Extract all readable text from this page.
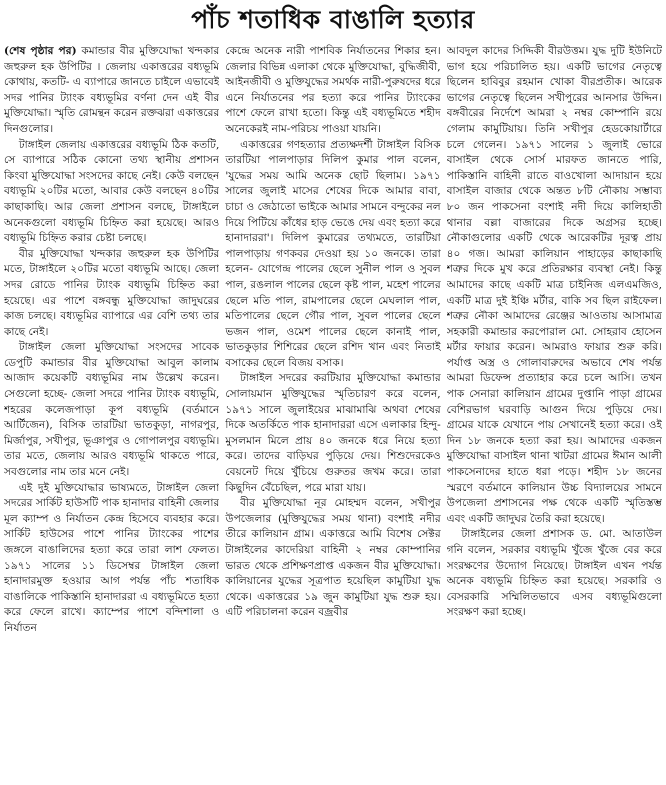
পাঁচ শতাধিক বাঙালি হত্যার

(শেষ পৃষ্ঠার পর) কমান্ডার বীর মুক্তিযোদ্ধা খন্দকার জহুরুল হক উপিটির । জেলায় একাত্তরের বধ্যভূমি কোথায়, কতটি- এ ব্যাপারে জানতে চাইলে এভাবেই সদর পানির ট্যাংক বধ্যভূমির বর্ণনা দেন এই বীর মুক্তিযোদ্ধা। স্মৃতি রোমন্থন করেন রক্তঝরা একাত্তরের দিনগুলোর।

টাঙ্গাইল জেলায় একাত্তরের বধ্যভূমি ঠিক কতটি, সে ব্যাপারে সঠিক কোনো তথ্য স্থানীয় প্রশাসন কিংবা মুক্তিযোদ্ধা সংসদের কাছে নেই। কেউ বলছেন বধ্যভূমি ২০টির মতো, আবার কেউ বলছেন ৪০টির কাছাকাছি। আর জেলা প্রশাসন বলছে, টাঙ্গাইলে অনেকগুলো বধ্যভূমি চিহ্নিত করা হয়েছে। আরও বধ্যভূমি চিহ্নিত করার চেষ্টা চলছে।

বীর মুক্তিযোদ্ধা খন্দকার জহুরুল হক উপিটির মতে, টাঙ্গাইলে ২০টির মতো বধ্যভূমি আছে। জেলা সদর রোডে পানির ট্যাংক বধ্যভূমি চিহ্নিত করা হয়েছে। এর পাশে বঙ্গবন্ধু মুক্তিযোদ্ধা জাদুঘরের কাজ চলছে। বধ্যভূমির ব্যাপারে এর বেশি তথ্য তার কাছে নেই।

টাঙ্গাইল জেলা মুক্তিযোদ্ধা সংসদের সাবেক ডেপুটি কমান্ডার বীর মুক্তিযোদ্ধা আবুল কালাম আজাদ কয়েকটি বধ্যভূমির নাম উল্লেখ করেন। সেগুলো হচ্ছে- জেলা সদরে পানির ট্যাংক বধ্যভূমি, শহরের কলেজপাড়া কূপ বধ্যভূমি (বর্তমানে আর্টিজেন), বিসিক তারটিয়া ভাতকুড়া, নাগরপুর, মির্জাপুর, সখীপুর, ভূঞাপুর ও গোপালপুর বধ্যভূমি। তার মতে, জেলায় আরও বধ্যভূমি থাকতে পারে, সবগুলোর নাম তার মনে নেই।

এই দুই মুক্তিযোদ্ধার ভাষ্যমতে, টাঙ্গাইল জেলা সদরের সার্কিট হাউসটি পাক হানাদার বাহিনী জেলার মূল ক্যাম্প ও নির্যাতন কেন্দ্র হিসেবে ব্যবহার করে। সার্কিট হাউসের পাশে পানির ট্যাংকের পাশের জঙ্গলে বাঙালিদের হত্যা করে তারা লাশ ফেলত। ১৯৭১ সালের ১১ ডিসেম্বর টাঙ্গাইল জেলা হানাদারমুক্ত হওয়ার আগ পর্যন্ত পাঁচ শতাধিক বাঙালিকে পাকিস্তানি হানাদাররা এ বধ্যভূমিতে হত্যা করে ফেলে রাখে। ক্যাম্পের পাশে বন্দিশালা ও নির্যাতন

কেন্দ্রে অনেক নারী পাশবিক নির্যাতনের শিকার হন। জেলার বিভিন্ন এলাকা থেকে মুক্তিযোদ্ধা, বুদ্ধিজীবী, আইনজীবী ও মুক্তিযুদ্ধের সমর্থক নারী-পুরুষদের ধরে এনে নির্যাতনের পর হত্যা করে পানির ট্যাংকের পাশে ফেলে রাখা হতো। কিন্তু এই বধ্যভূমিতে শহীদ অনেকেরই নাম-পরিচয় পাওয়া যায়নি।

একাত্তরের গণহত্যার প্রত্যক্ষদর্শী টাঙ্গাইল বিসিক তারটিয়া পালপাড়ার দিলিপ কুমার পাল বলেন, 'যুদ্ধের সময় আমি অনেক ছোট ছিলাম। ১৯৭১ সালের জুলাই মাসের শেষের দিকে আমার বাবা, চাচা ও জেঠাতো ভাইকে আমার সামনে বন্দুকের নল দিয়ে পিটিয়ে কাঁধের হাড় ভেঙে দেয় এবং হত্যা করে হানাদাররা'। দিলিপ কুমারের তথ্যমতে, তারটিয়া পালপাড়ায় গণকবর দেওয়া হয় ১০ জনকে। তারা হলেন- যোগেন্দ্র পালের ছেলে সুনীল পাল ও সুবল পাল, রঙলাল পালের ছেলে কৃষ্ট পাল, মহেশ পালের ছেলে মতি পাল, রামপালের ছেলে মেঘলাল পাল, মতিপালের ছেলে গৌর পাল, সুবল পালের ছেলে ভজন পাল, ওমেশ পালের ছেলে কানাই পাল, ভাতকুড়ার শিশিরের ছেলে রশিদ খান এবং নিতাই বসাকের ছেলে বিজয় বসাক।

টাঙ্গাইল সদরের করটিয়ার মুক্তিযোদ্ধা কমান্ডার সোলায়মান মুক্তিযুদ্ধের স্মৃতিচারণ করে বলেন, ১৯৭১ সালে জুলাইয়ের মাঝামাঝি অথবা শেষের দিকে অতর্কিতে পাক হানাদাররা এসে এলাকার হিন্দু-মুসলমান মিলে প্রায় ৪০ জনকে ধরে নিয়ে হত্যা করে। তাদের বাড়িঘর পুড়িয়ে দেয়। শিশুদেরকেও বেয়নেট দিয়ে খুঁচিয়ে গুরুতর জখম করে। তারা কিছুদিন বেঁচেছিল, পরে মারা যায়।

বীর মুক্তিযোদ্ধা নূর মোহম্মদ বলেন, সখীপুর উপজেলার (মুক্তিযুদ্ধের সময় থানা) বংশাই নদীর তীরে কালিয়ান গ্রাম। একাত্তরে আমি বিশেষ সেক্টর টাঙ্গাইলের কাদেরিয়া বাহিনী ২ নম্বর কোম্পানির ভারত থেকে প্রশিক্ষণপ্রাপ্ত একজন বীর মুক্তিযোদ্ধা। কালিয়ানের যুদ্ধের সূত্রপাত হয়েছিল কামুটিয়া যুদ্ধ থেকে। একাত্তরের ১৯ জুন কামুটিয়া যুদ্ধ শুরু হয়। এটি পরিচালনা করেন বজ্রবীর

আবদুল কাদের সিদ্দিকী বীরউত্তম। যুদ্ধ দুটি ইউনিটে ভাগ হয়ে পরিচালিত হয়। একটি ভাগের নেতৃত্বে ছিলেন হাবিবুর রহমান খোকা বীরপ্রতীক। আরেক ভাগের নেতৃত্বে ছিলেন সখীপুরের আনসার উদ্দিন। বঙ্গবীরের নির্দেশে আমরা ২ নম্বর কোম্পানি রয়ে গেলাম কামুটিয়ায়। তিনি সখীপুর হেডকোয়ার্টারে চলে গেলেন। ১৯৭১ সালের ১ জুলাই ভোরে বাসাইল থেকে সোর্স মারফত জানতে পারি, পাকিস্তানি বাহিনী রাতে বাওখোলা আদায়ান হয়ে বাসাইল বাজার থেকে অন্তত ৮টি নৌকায় সম্ভাব্য ৮০ জন পাকসেনা বংশাই নদী দিয়ে কালিহাতী থানার বল্লা বাজারের দিকে অগ্রসর হচ্ছে। নৌকাগুলোর একটি থেকে আরেকটির দূরত্ব প্রায় ৪০ গজ। আমরা কালিয়ান পাহাড়ের কাছাকাছি শত্রুর দিকে মুখ করে প্রতিরক্ষার ব্যবস্থা নেই। কিন্তু আমাদের কাছে একটি মাত্র চাইনিজ এলএমজিও, একটি মাত্র দুই ইঞ্চি মর্টার, বাকি সব ছিল রাইফেল। শত্রুর নৌকা আমাদের রেঞ্জের আওতায় আসামাত্র সহকারী কমান্ডার করপোরাল মো. সোহরাব হোসেন মর্টার ফায়ার করেন। আমরাও ফায়ার শুরু করি। পর্যাপ্ত অস্ত্র ও গোলাবারুদের অভাবে শেষ পর্যন্ত আমরা ডিফেন্স প্রত্যাহার করে চলে আসি। তখন পাক সেনারা কালিয়ান গ্রামের দুপ্তানি পাড়া গ্রামের বেশিরভাগ ঘরবাড়ি আগুন দিয়ে পুড়িয়ে দেয়। গ্রামের যাকে যেখানে পায় সেখানেই হত্যা করে। ওই দিন ১৮ জনকে হত্যা করা হয়। আমাদের একজন মুক্তিযোদ্ধা বাসাইল থানা খাটরা গ্রামের ঈমান আলী পাকসেনাদের হাতে ধরা পড়ে। শহীদ ১৮ জনের স্মরণে বর্তমানে কালিয়ান উচ্চ বিদ্যালয়ের সামনে উপজেলা প্রশাসনের পক্ষ থেকে একটি স্মৃতিস্তম্ভ এবং একটি জাদুঘর তৈরি করা হয়েছে।

টাঙ্গাইলের জেলা প্রশাসক ড. মো. আতাউল গনি বলেন, সরকার বধ্যভূমি খুঁজে খুঁজে বের করে সংরক্ষণের উদ্যোগ নিয়েছে। টাঙ্গাইল এখন পর্যন্ত অনেক বধ্যভূমি চিহ্নিত করা হয়েছে। সরকারি ও বেসরকারি সম্মিলিতভাবে এসব বধ্যভূমিগুলো সংরক্ষণ করা হচ্ছে।
